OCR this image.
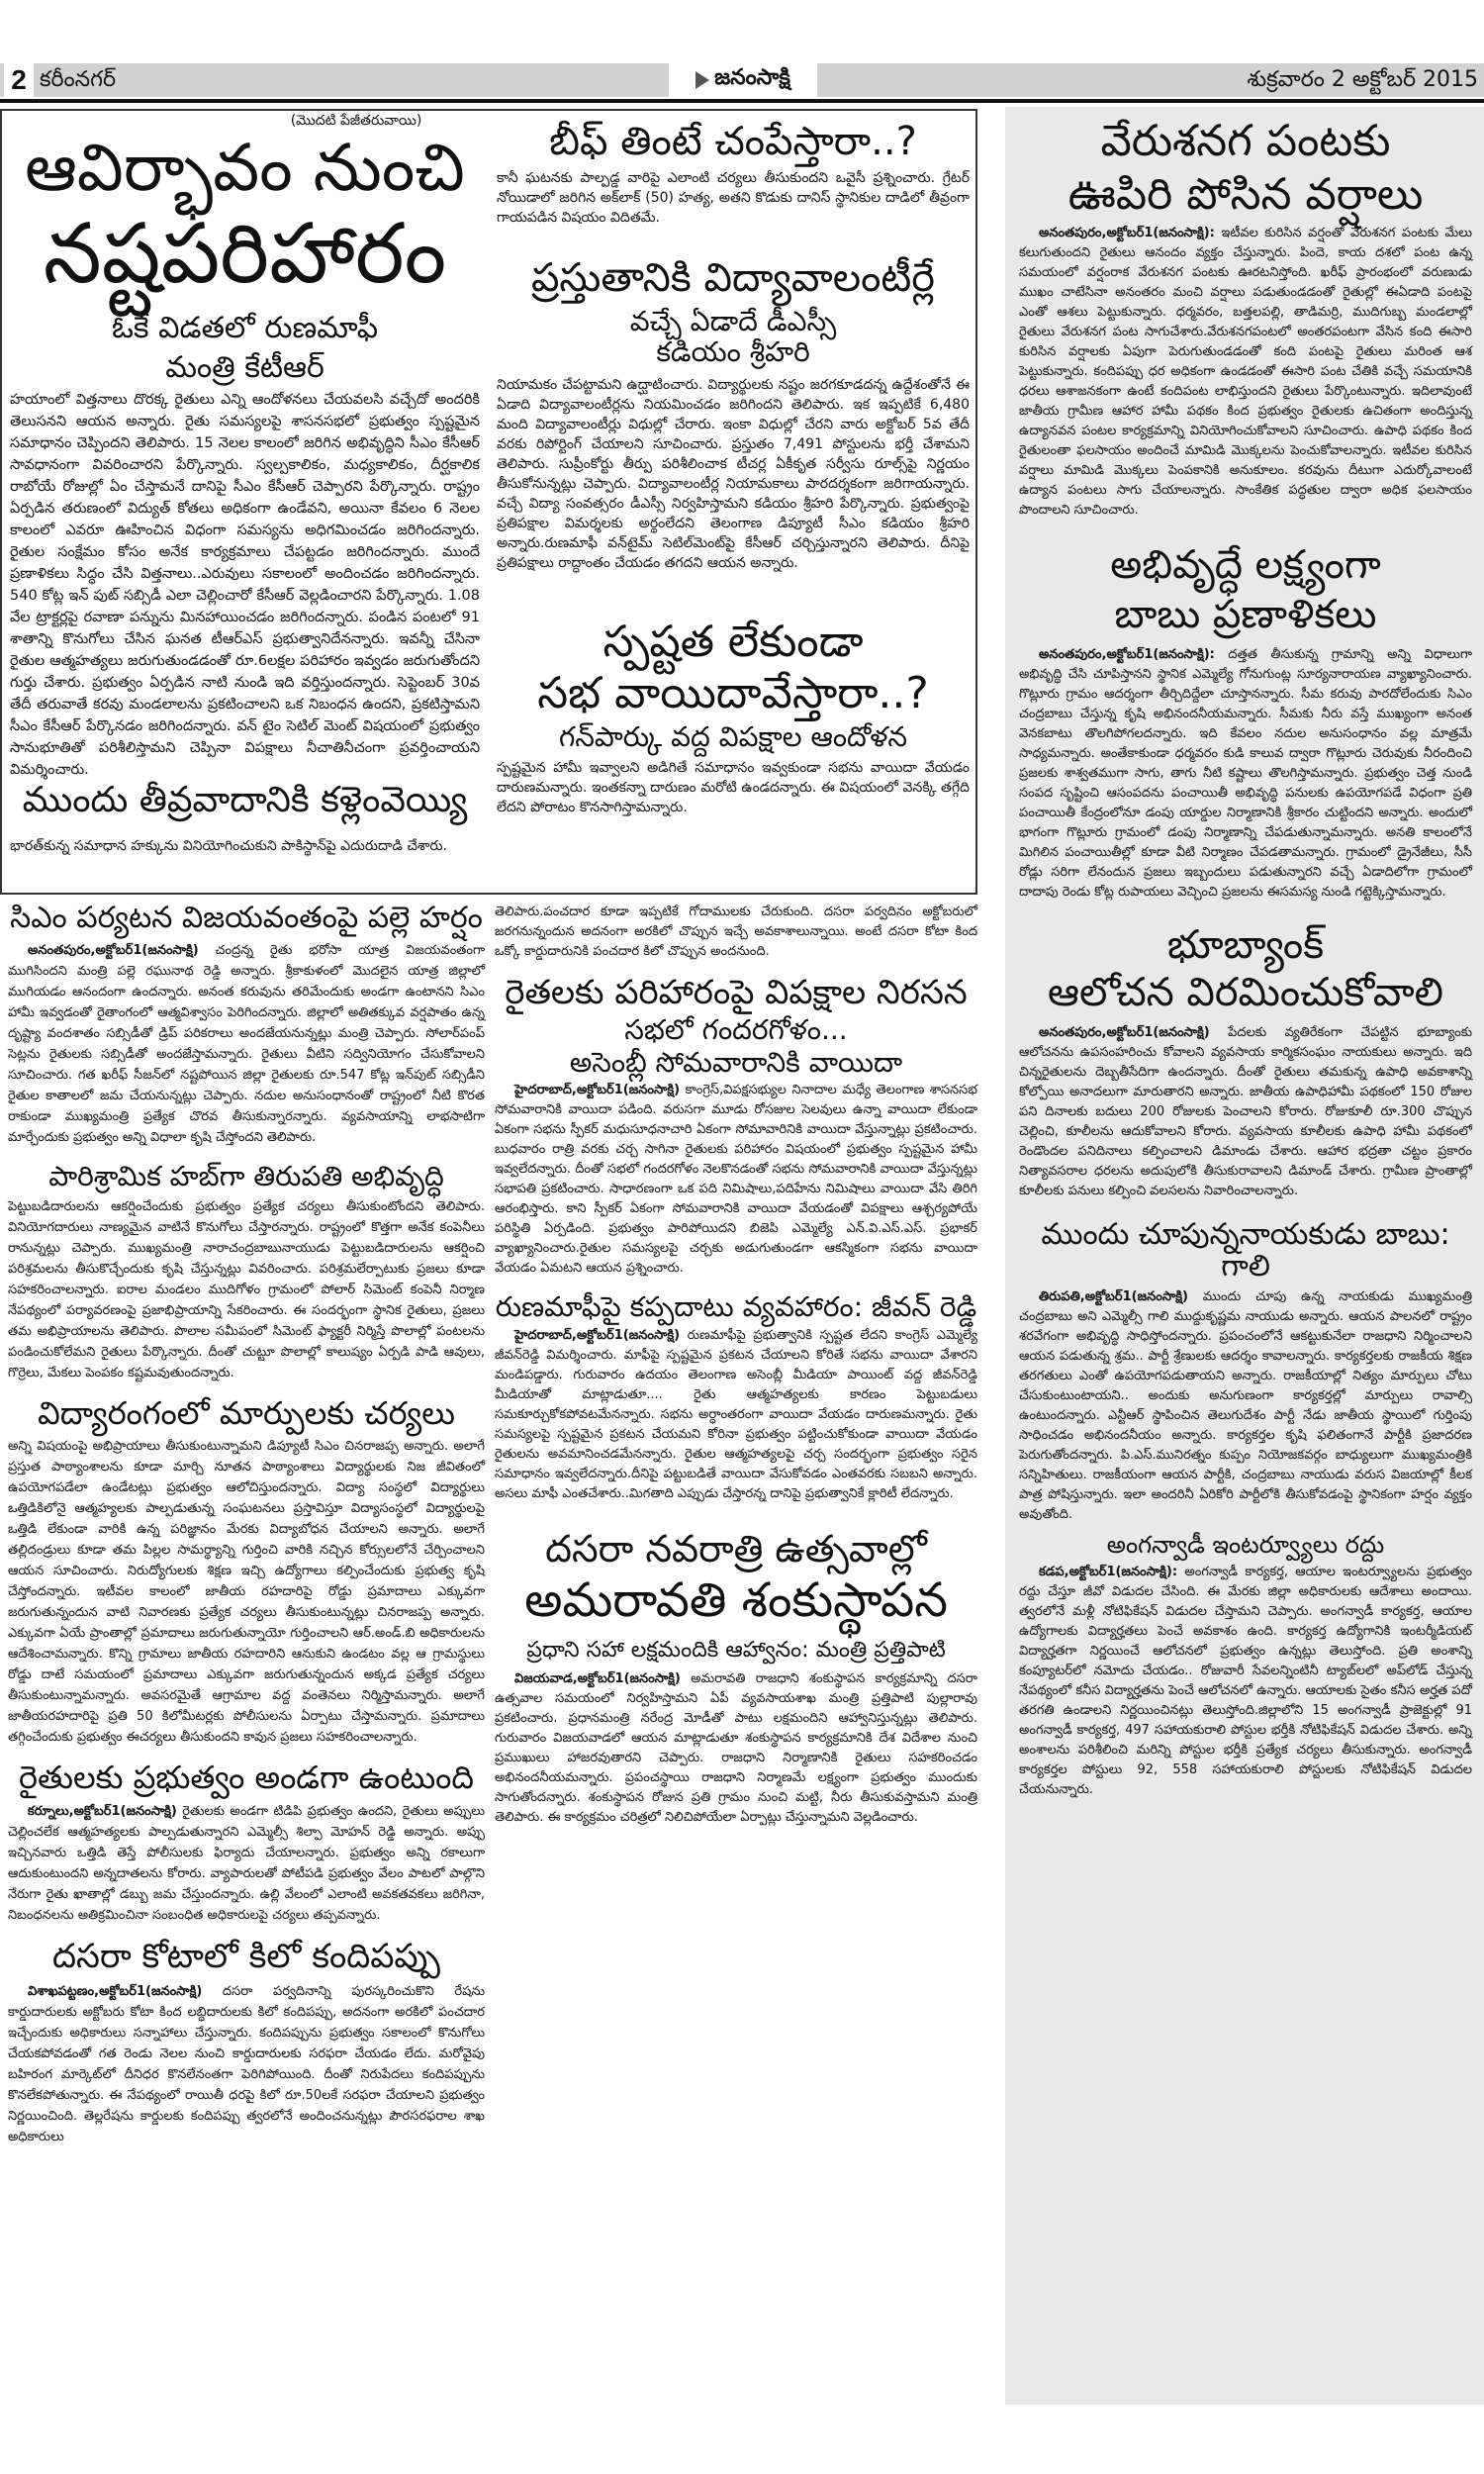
2 కరీంనగర్	జనంసాక్షి	శుక్రవారం 2 అక్టోబర్ 2015
(మొదటి పేజీతరువాయి)
ఆవిర్భావం నుంచి
నష్టపరిహారం
ఓకే విడతలో రుణమాఫీ
మంత్రి కేటీఆర్

హయాంలో విత్తనాలు దొరక్క రైతులు ఎన్ని ఆందోళనలు చేయవలసి వచ్చేదో అందరికి తెలుసనని ఆయన అన్నారు. రైతు సమస్యలపై శాసనసభలో ప్రభుత్వం స్పష్టమైన సమాధానం చెప్పిందని తెలిపారు. 15 నెలల కాలంలో జరిగిన అభివృద్ధిని సీఎం కేసీఆర్ సావధానంగా వివరించారని పేర్కొన్నారు. స్వల్పకాలికం, మధ్యకాలికం, దీర్ఘకాలిక రాబోయే రోజుల్లో ఏం చేస్తామనే దానిపై సీఎం కేసీఆర్ చెప్పారని పేర్కొన్నారు. రాష్ట్రం ఏర్పడిన తరుణంలో విద్యుత్ కోతలు అధికంగా ఉండేవని, అయినా కేవలం 6 నెలల కాలంలో ఎవరూ ఊహించిన విధంగా సమస్యను అధిగమించడం జరిగిందన్నారు. రైతుల సంక్షేమం కోసం అనేక కార్యక్రమాలు చేపట్టడం జరిగిందన్నారు. ముందే ప్రణాళికలు సిద్ధం చేసి విత్తనాలు..ఎరువులు సకాలంలో అందించడం జరిగిందన్నారు. 540 కోట్ల ఇన్ పుట్ సబ్సిడీ ఎలా చెల్లించారో కేసీఆర్ వెల్లడించారని పేర్కొన్నారు. 1.08 వేల ట్రాక్టర్లపై రవాణా పన్నును మినహాయించడం జరిగిందన్నారు. పండిన పంటలో 91 శాతాన్ని కొనుగోలు చేసిన ఘనత టీఆర్ఎస్ ప్రభుత్వానిదేనన్నారు. ఇవన్నీ చేసినా రైతుల ఆత్మహత్యలు జరుగుతుండడంతో రూ.6లక్షల పరిహారం ఇవ్వడం జరుగుతోందని గుర్తు చేశారు. ప్రభుత్వం ఏర్పడిన నాటి నుండి ఇది వర్తిస్తుందన్నారు. సెప్టెంబర్ 30వ తేదీ తరువాతే కరవు మండలాలను ప్రకటించాలని ఒక నిబంధన ఉందని, ప్రకటిస్తామని సీఎం కేసీఆర్ పేర్కొనడం జరిగిందన్నారు. వన్ టైం సెటిల్ మెంట్ విషయంలో ప్రభుత్వం సానుభూతితో పరిశీలిస్తామని చెప్పినా విపక్షాలు నీచాతినీచంగా ప్రవర్తించాయని విమర్శించారు.

ముందు తీవ్రవాదానికి కళ్లెంవెయ్యి

భారత్‌కున్న సమాధాన హక్కును వినియోగించుకుని పాకిస్థాన్‌పై ఎదురుదాడి చేశారు.

బీఫ్ తింటే చంపేస్తారా..?

కానీ ఘటనకు పాల్పడ్డ వారిపై ఎలాంటి చర్యలు తీసుకుందని ఒవైసీ ప్రశ్నించారు. గ్రేటర్ నోయిడాలో జరిగిన అక్‌లాక్ (50) హత్య, అతని కొడుకు దానిస్ స్థానికుల దాడిలో తీవ్రంగా గాయపడిన విషయం విదితమే.

ప్రస్తుతానికి విద్యావాలంటీర్లే
వచ్చే ఏడాదే డీఎస్సీ
కడియం శ్రీహరి

నియామకం చేపట్టామని ఉద్ఘాటించారు. విద్యార్థులకు నష్టం జరగకూడదన్న ఉద్దేశంతోనే ఈ ఏడాది విద్యావాలంటీర్లను నియమించడం జరిగిందని తెలిపారు. ఇక ఇప్పటికే 6,480 మంది విద్యావాలంటీర్లు విధుల్లో చేరారు. ఇంకా విధుల్లో చేరని వారు అక్టోబర్ 5వ తేదీ వరకు రిపోర్టింగ్ చేయాలని సూచించారు. ప్రస్తుతం 7,491 పోస్టులను భర్తీ చేశామని తెలిపారు. సుప్రీంకోర్టు తీర్పు పరిశీలించాక టీచర్ల ఏకీకృత సర్వీసు రూల్స్‌పై నిర్ణయం తీసుకోనున్నట్లు చెప్పారు. విద్యావాలంటీర్ల నియామకాలు పారదర్శకంగా జరిగాయన్నారు. వచ్చే విద్యా సంవత్సరం డీఎస్సీ నిర్వహిస్తామని కడియం శ్రీహరి పేర్కొన్నారు. ప్రభుత్వంపై ప్రతిపక్షాల విమర్శలకు అర్థంలేదని తెలంగాణ డిప్యూటీ సీఎం కడియం శ్రీహరి అన్నారు.రుణమాఫీ వన్‌టైమ్ సెటిల్‌మెంట్‌పై కేసీఆర్ చర్చిస్తున్నారని తెలిపారు. దీనిపై ప్రతిపక్షాలు రాద్ధాంతం చేయడం తగదని ఆయన అన్నారు.

స్పష్టత లేకుండా
సభ వాయిదావేస్తారా..?
గన్‌పార్కు వద్ద విపక్షాల ఆందోళన

స్పష్టమైన హామీ ఇవ్వాలని అడిగితే సమాధానం ఇవ్వకుండా సభను వాయిదా వేయడం దారుణమన్నారు. ఇంతకన్నా దారుణం మరోటి ఉండదన్నారు. ఈ విషయంలో వెనక్కి తగ్గేది లేదని పోరాటం కొనసాగిస్తామన్నారు.

సిఎం పర్యటన విజయవంతంపై పల్లె హర్షం

అనంతపురం,అక్టోబర్1(జనంసాక్షి) చంద్రన్న రైతు భరోసా యాత్ర విజయవంతంగా ముగిసిందని మంత్రి పల్లె రఘునాథ రెడ్డి అన్నారు. శ్రీకాకుళంలో మొదలైన యాత్ర జిల్లాలో ముగియడం ఆనందంగా ఉందన్నారు. అనంత కరువును తరిమేందుకు అండగా ఉంటానని సిఎం హామీ ఇవ్వడంతో రైతాంగంలో ఆత్మవిశ్వాసం పెరిగిందన్నారు. జిల్లాలో అతితక్కువ వర్షపాతం ఉన్న దృష్ట్యా వందశాతం సబ్సిడీతో డ్రిప్ పరికరాలు అందజేయనున్నట్లు మంత్రి చెప్పారు. సోలార్‌పంప్ సెట్లను రైతులకు సబ్సిడీతో అందజేస్తామన్నారు. రైతులు వీటిని సద్వినియోగం చేసుకోవాలని సూచించారు. గత ఖరీఫ్ సీజన్‌లో నష్టపోయిన జిల్లా రైతులకు రూ.547 కోట్ల ఇన్‌పుట్ సబ్సిడీని రైతుల కాతాలలో జమ చేయనున్నట్లు చెప్పారు. నదుల అనుసంధానంతో రాష్ట్రంలో నీటి కొరత రాకుండా ముఖ్యమంత్రి ప్రత్యేక చొరవ తీసుకున్నారన్నారు. వ్యవసాయాన్ని లాభసాటిగా మార్చేందుకు ప్రభుత్వం అన్ని విధాలా కృషి చేస్తోందని తెలిపారు.

పారిశ్రామిక హబ్‌గా తిరుపతి అభివృద్ధి

పెట్టుబడిదారులను ఆకర్షించేందుకు ప్రభుత్వం ప్రత్యేక చర్యలు తీసుకుంటోందని తెలిపారు. వినియోగదారులు నాణ్యమైన వాటినే కొనుగోలు చేస్తారన్నారు. రాష్ట్రంలో కొత్తగా అనేక కంపెనీలు రానున్నట్లు చెప్పారు. ముఖ్యమంత్రి నారాచంద్రబాబునాయుడు పెట్టుబడిదారులను ఆకర్షించి పరిశ్రమలను తీసుకొచ్చేందుకు కృషి చేస్తున్నట్లు వివరించారు. పరిశ్రమలేర్పాటుకు ప్రజలు కూడా సహకరించాలన్నారు. ఐరాల మండలం ముదిగోళం గ్రామంలో పోలార్ సిమెంట్ కంపెనీ నిర్మాణ నేపథ్యంలో పర్యావరణంపై ప్రజాభిప్రాయాన్ని సేకరించారు. ఈ సందర్భంగా స్థానిక రైతులు, ప్రజలు తమ అభిప్రాయాలను తెలిపారు. పొలాల సమీపంలో సిమెంట్ ఫ్యాక్టరీ నిర్మిస్తే పొలాల్లో పంటలను పండించుకోలేమని రైతులు పేర్కొన్నారు. దీంతో చుట్టూ పొలాల్లో కాలుష్యం ఏర్పడి పాడి ఆవులు, గొర్రెలు, మేకలు పెంపకం కష్టమవుతుందన్నారు.

విద్యారంగంలో మార్పులకు చర్యలు

అన్ని విషయంపై అభిప్రాయాలు తీసుకుంటున్నామని డిప్యూటీ సిఎం చినరాజప్ప అన్నారు. అలాగే ప్రస్తుత పాఠ్యాంశాలను కూడా మార్చి నూతన పాఠ్యాంశాలు విద్యార్థులకు నిజ జీవితంలో ఉపయోగపడేలా ఉండేటట్లు ప్రభుత్వం ఆలోచిస్తుందన్నారు. విద్యా సంస్థలో విద్యార్థులు ఒత్తిడికిలోనై ఆత్మహ్యలకు పాల్పడుతున్న సంఘటనలు ప్రస్తావిస్తూ విద్యాసంస్థలో విద్యార్థులపై ఒత్తిడి లేకుండా వారికి ఉన్న పరిజ్ఞానం మేరకు విద్యాబోధన చేయాలని అన్నారు. అలాగే తల్లిదండ్రులు కూడా తమ పిల్లల సామర్థ్యాన్ని గుర్తించి వారికి నచ్చిన కోర్సులలోనే చేర్పించాలని ఆయన సూచించారు. నిరుద్యోగులకు శిక్షణ ఇచ్చి ఉద్యోగాలు కల్పించేందుకు ప్రభుత్వ కృషి చేస్తోందన్నారు. ఇటీవల కాలంలో జాతీయ రహదారిపై రోడ్డు ప్రమాదాలు ఎక్కువగా జరుగుతున్నందున వాటి నివారణకు ప్రత్యేక చర్యలు తీసుకుంటున్నట్లు చినరాజప్ప అన్నారు. ఎక్కువగా ఏయే ప్రాంతాల్లో ప్రమాదాలు జరుగుతున్నాయో గుర్తించాలని ఆర్.అండ్.బి అధికారులను ఆదేశించామన్నారు. కొన్ని గ్రామాలు జాతీయ రహదారిని ఆనుకుని ఉండటం వల్ల ఆ గ్రామస్థులు రోడ్డు దాటే సమయంలో ప్రమాదాలు ఎక్కువగా జరుగుతున్నందున అక్కడ ప్రత్యేక చర్యలు తీసుకుంటున్నామన్నారు. అవసరమైతే ఆగ్రామాల వద్ద వంతెనలు నిర్మిస్తామన్నారు. అలాగే జాతీయరహదారిపై ప్రతి 50 కిలోమీటర్లకు పోలీసులను ఏర్పాటు చేస్తామన్నారు. ప్రమాదాలు తగ్గించేందుకు ప్రభుత్వం ఈచర్యలు తీసుకుందని కావున ప్రజలు సహకరించాలన్నారు.

రైతులకు ప్రభుత్వం అండగా ఉంటుంది

కర్నూలు,అక్టోబర్1(జనంసాక్షి) రైతులకు అండగా టిడిపి ప్రభుత్వం ఉందని, రైతులు అప్పులు చెల్లించలేక ఆత్మహత్యలకు పాల్పడుతున్నారని ఎమ్మెల్సీ శిల్పా మోహన్ రెడ్డి అన్నారు. అప్పు ఇచ్చినవారు ఒత్తిడి తెస్తే పోలీసులకు ఫిర్యాదు చేయాలన్నారు. ప్రభుత్వం అన్ని రకాలుగా ఆదుకుంటుందని అన్నదాతలను కోరారు. వ్యాపారులతో పోటీపడి ప్రభుత్వం వేలం పాటలో పాల్గొని నేరుగా రైతు ఖాతాల్లో డబ్బు జమ చేస్తుందన్నారు. ఉల్లి వేలంలో ఎలాంటి అవకతవకలు జరిగినా, నిబంధనలను అతిక్రమించినా సంబంధిత అధికారులపై చర్యలు తప్పవన్నారు.

దసరా కోటాలో కిలో కందిపప్పు

విశాఖపట్టణం,అక్టోబర్1(జనంసాక్షి) దసరా పర్వదినాన్ని పురస్కరించుకొని రేషను కార్డుదారులకు అక్టోబరు కోటా కింద లబ్ధిదారులకు కిలో కందిపప్పు, అదనంగా అరకిలో పంచదార ఇచ్చేందుకు అధికారులు సన్నాహాలు చేస్తున్నారు. కందిపప్పును ప్రభుత్వం సకాలంలో కొనుగోలు చేయకపోవడంతో గత రెండు నెలల నుంచి కార్డుదారులకు సరఫరా చేయడం లేదు. మరోవైపు బహిరంగ మార్కెట్‌లో దీనిధర కొనలేనంతగా పెరిగిపోయింది. దీంతో నిరుపేదలు కందిపప్పును కొనలేకపోతున్నారు. ఈ నేపథ్యంలో రాయితీ ధరపై కిలో రూ.50లకే సరఫరా చేయాలని ప్రభుత్వం నిర్ణయించింది. తెల్లరేషను కార్డులకు కందిపప్పు త్వరలోనే అందించనున్నట్లు పౌరసరఫరాల శాఖ అధికారులు

తెలిపారు.పంచదార కూడా ఇప్పటికే గోదాములకు చేరుకుంది. దసరా పర్వదినం అక్టోబరులో జరగనున్నందున అదనంగా అరకిలో చొప్పున ఇచ్చే అవకాశాలున్నాయి. అంటే దసరా కోటా కింద ఒక్కో కార్డుదారునికి పంచదార కిలో చొప్పున అందనుంది.

రైతలకు పరిహారంపై విపక్షాల నిరసన
సభలో గందరగోళం...
అసెంబ్లీ సోమవారానికి వాయిదా

హైదరాబాద్,అక్టోబర్1(జనంసాక్షి) కాంగ్రెస్,విపక్షసభ్యుల నినాదాల మధ్యే తెలంగాణ శాసనసభ సోమవారానికి వాయిదా పడింది. వరుసగా మూడు రోసజుల సెలవులు ఉన్నా వాయిదా లేకుండా ఏకంగా సభను స్పీకర్ మధుసూధనాచారి ఏకంగా సోమావారినికి వాయిదా వేస్తున్నాట్లు ప్రకటించారు. బుధవారం రాత్రి వరకు చర్చ సాగినా రైతులకు పరిహారం విషయంలో ప్రభుత్వం స్పష్టమైన హామీ ఇవ్వలేదన్నారు. దీంతో సభలో గందరగోళం నెలకొనడంతో సభను సోమవారానికి వాయిదా వేస్తున్నట్లు సభాపతి ప్రకటించారు. సాధారణంగా ఒక పది నిమిషాలు,పదిహేను నిమిషాలు వాయిదా వేసి తిరిగి ఆరంభిస్తారు. కాని స్పీకర్ ఏకంగా సోమవారానికి వాయిదా వేయడంతో విపక్షాలు ఆశ్చర్యపోయే పరిస్థితి ఏర్పడింది. ప్రభుత్వం పారిపోయిదని బిజెపి ఎమ్మెల్యే ఎన్.వి.ఎస్.ఎస్. ప్రభాకర్ వ్యాఖ్యానించారు.రైతుల సమస్యలపై చర్చకు అడుగుతుండగా ఆకస్మికంగా సభను వాయిదా వేయడం ఏమటని ఆయన ప్రశ్నించారు.

రుణమాఫీపై కప్పదాటు వ్యవహారం: జీవన్ రెడ్డి

హైదరాబాద్,అక్టోబర్1(జనంసాక్షి) రుణమాఫీపై ప్రభుత్వానికి స్పష్టత లేదని కాంగ్రెస్ ఎమ్మెల్యే జీవన్‌రెడ్డి విమర్శించారు. మాఫీపై స్పష్టమైన ప్రకటన చేయాలని కోరితే సభను వాయిదా వేశారని మండిపడ్డారు. గురువారం ఉదయం తెలంగాణ అసెంబ్లీ మీడియా పాయింట్ వద్ద జీవన్‌రెడ్డి మీడియాతో మాట్లాడుతూ.... రైతు ఆత్మహత్యలకు కారణం పెట్టుబడులు సమకూర్చుకోకపోవటమేనన్నారు. సభను అర్ధాంతరంగా వాయిదా వేయడం దారుణమన్నారు. రైతు సమస్యలపై స్పష్టమైన ప్రకటన చేయమని కోరినా ప్రభుత్వం పట్టించుకోకుండా వాయిదా వేయడం రైతులను అవమానించడమేనన్నారు. రైతుల ఆత్మహత్యలపై చర్చ సందర్భంగా ప్రభుత్వం సరైన సమాధానం ఇవ్వలేదన్నారు.దీనిపై పట్టుబడితే వాయిదా వేసుకోవడం ఎంతవరకు సబబని అన్నారు. అసలు మాఫీ ఎంతచేశారు..మిగతాది ఎప్పుడు చేస్తారన్న దానిపై ప్రభుత్వానికే క్లారిటీ లేదన్నారు.

దసరా నవరాత్రి ఉత్సవాల్లో
అమరావతి శంకుస్థాపన
ప్రధాని సహా లక్షమందికి ఆహ్వానం: మంత్రి ప్రత్తిపాటి

విజయవాడ,అక్టోబర్1(జనంసాక్షి) అమరావతి రాజధాని శంకుస్థాపన కార్యక్రమాన్ని దసరా ఉత్సవాల సమయంలో నిర్వహిస్తామని ఏపీ వ్యవసాయశాఖ మంత్రి ప్రత్తిపాటి పుల్లారావు ప్రకటించారు. ప్రధానమంత్రి నరేంద్ర మోడీతో పాటు లక్షమందిని ఆహ్వానిస్తున్నట్లు తెలిపారు. గురువారం విజయవాడలో ఆయన మాట్లాడుతూ శంకుస్థాపన కార్యక్రమానికి దేశ విదేశాల నుంచి ప్రముఖులు హాజరవుతారని చెప్పారు. రాజధాని నిర్మాణానికి రైతులు సహకరించడం అభినందనీయమన్నారు. ప్రపంచస్థాయి రాజధాని నిర్మాణమే లక్ష్యంగా ప్రభుత్వం ముందుకు సాగుతోందన్నారు. శంకుస్థాపన రోజున ప్రతి గ్రామం నుంచి మట్టి, నీరు తీసుకువస్తామని మంత్రి తెలిపారు. ఈ కార్యక్రమం చరిత్రలో నిలిచిపోయేలా ఏర్పాట్లు చేస్తున్నామని వెల్లడించారు.

వేరుశనగ పంటకు
ఊపిరి పోసిన వర్షాలు

అనంతపురం,అక్టోబర్1(జనంసాక్షి): ఇటీవల కురిసిన వర్షంతో వేరుశనగ పంటకు మేలు కలుగుతుందని రైతులు ఆనందం వ్యక్తం చేస్తున్నారు. పిందె, కాయ దశలో పంట ఉన్న సమయంలో వర్షంరాక వేరుశనగ పంటకు ఊరటనిస్తోంది. ఖరీఫ్ ప్రారంభంలో వరుణుడు ముఖం చాటేసినా అనంతరం మంచి వర్షాలు పడుతుండడంతో రైతుల్లో ఈఏడాది పంటపై ఎంతో ఆశలు పెట్టుకున్నారు. ధర్మవరం, బత్తలపల్లి, తాడిమర్రి, ముదిగుబ్బ మండలాల్లో రైతులు వేరుశనగ పంట సాగుచేశారు.వేరుశనగపంటలో అంతరపంటగా వేసిన కంది ఈసారి కురిసిన వర్షాలకు ఏపుగా పెరుగుతుండడంతో కంది పంటపై రైతులు మరింత ఆశ పెట్టుకున్నారు. కందిపప్పు ధర అధికంగా ఉండడంతో ఈసారి పంట చేతికి వచ్చే సమయానికి ధరలు ఆశాజనకంగా ఉంటే కందిపంట లాభిస్తుందని రైతులు పేర్కొంటున్నారు. ఇదిలావుంటే జాతీయ గ్రామీణ ఆహార హామీ పథకం కింద ప్రభుత్వం రైతులకు ఉచితంగా అందిస్తున్న ఉద్యానవన పంటల కార్యక్రమాన్ని వినియోగించుకోవాలని సూచించారు. ఉపాధి పథకం కింద రైతులంతా ఫలసాయం అందించే మామిడి మొక్కలను పెంచుకోవాలన్నారు. ఇటీవల కురిసిన వర్షాలు మామిడి మొక్కలు పెంపకానికి అనుకూలం. కరవును దీటుగా ఎదుర్కోవాలంటే ఉద్యాన పంటలు సాగు చేయాలన్నారు. సాంకేతిక పద్ధతుల ద్వారా అధిక ఫలసాయం పొందాలని సూచించారు.

అభివృద్ధే లక్ష్యంగా
బాబు ప్రణాళికలు

అనంతపురం,అక్టోబర్1(జనంసాక్షి): దత్తత తీసుకున్న గ్రామాన్ని అన్ని విధాలుగా అభివృద్ధి చేసి చూపిస్తానని స్థానిక ఎమ్మెల్యే గోనుగుంట్ల సూర్యనారాయణ వ్యాఖ్యానించారు. గొట్లూరు గ్రామం ఆదర్శంగా తీర్చిదిద్దేలా చూస్తానన్నారు. సీమ కరువు పారదోలేందుకు సిఎం చంద్రబాబు చేస్తున్న కృషి అభినందనీయమన్నారు. సీమకు నీరు వస్తే ముఖ్యంగా అనంత వెనకబాటు తొలగిపోగలదన్నారు. ఇది కేవలం నదుల అనుసంధానం వల్ల మాత్రమే సాధ్యమన్నారు. అంతేకాకుండా ధర్మవరం కుడి కాలువ ద్వారా గొట్లూరు చెరువుకు నీరందించి ప్రజలకు శాశ్వతముగా సాగు, తాగు నీటి కష్టాలు తొలగిస్తామన్నారు. ప్రభుత్వం చెత్త నుండి సంపద సృష్టించి ఆసంపదను పంచాయితీ అభివృద్ధి పనులకు ఉపయోగపడే విధంగా ప్రతి పంచాయితీ కేంద్రంలోనూ డంపు యార్డుల నిర్మాణానికి శ్రీకారం చుట్టిందని అన్నారు. అందులో భాగంగా గొట్లూరు గ్రామంలో డంపు నిర్మాణాన్ని చేపడుతున్నామన్నారు. అనతి కాలంలోనే మిగిలిన పంచాయితీల్లో కూడా వీటి నిర్మాణం చేపడతామన్నారు. గ్రామంలో డ్రైనేజీలు, సీసీ రోడ్లు సరిగా లేనందున ప్రజలు ఇబ్బందులు పడుతున్నారని వచ్చే ఏడాదిలోగా గ్రామంలో దాదాపు రెండు కోట్ల రుపాయలు వెచ్చించి ప్రజలను ఈసమస్య నుండి గట్టెక్కిస్తామన్నారు.

భూబ్యాంక్
ఆలోచన విరమించుకోవాలి

అనంతపురం,అక్టోబర్1(జనంసాక్షి) పేదలకు వ్యతిరేకంగా చేపట్టిన భూబ్యాంకు ఆలోచనను ఉపసంహరించు కోవాలని వ్యవసాయ కార్మికసంఘం నాయకులు అన్నారు. ఇది చిన్నరైతులను దెబ్బతీసేదిగా ఉందన్నారు. దీంతో రైతులు తమకున్న ఉపాధి అవకాశాన్ని కోల్పోయి అనాదలుగా మారుతారని అన్నారు. జాతీయ ఉపాధిహామీ పథకంలో 150 రోజుల పని దినాలకు బదులు 200 రోజులకు పెంచాలని కోరారు. రోజుకూలీ రూ.300 చొప్పున చెల్లించి, కూలీలను ఆదుకోవాలని కోరారు. వ్యవసాయ కూలీలకు ఉపాధి హామీ పథకంలో రెండొందల పనిదినాలు కల్పించాలని డిమాండు చేశారు. ఆహార భద్రతా చట్టం ప్రకారం నిత్యావసరాల ధరలను అదుపులోకి తీసుకురావాలని డిమాండ్ చేశారు. గ్రామీణ ప్రాంతాల్లో కూలీలకు పనులు కల్పించి వలసలను నివారించాలన్నారు.

ముందు చూపున్ననాయకుడు బాబు: గాలి

తిరుపతి,అక్టోబర్1(జనంసాక్షి) ముందు చూపు ఉన్న నాయకుడు ముఖ్యమంత్రి చంద్రబాబు అని ఎమ్మెల్సీ గాలి ముద్దుకృష్ణమ నాయుడు అన్నారు. ఆయన పాలనలో రాష్ట్రం శరవేగంగా అభివృద్ధి సాధిస్తోందన్నారు. ప్రపంచంలోనే ఆకట్టుకునేలా రాజధాని నిర్మించాలని ఆయన పడుతున్న శ్రమ.. పార్టీ శ్రేణులకు ఆదర్శం కావాలన్నారు. కార్యకర్తలకు రాజకీయ శిక్షణ తరగతులు ఎంతో ఉపయోగపడుతాయని అన్నారు. రాజకీయాల్లో నిత్యం మార్పులు చోటు చేసుకుంటుంటాయని.. అందుకు అనుగుణంగా కార్యకర్తల్లో మార్పులు రావాల్సి ఉంటుందన్నారు. ఎన్టీఆర్ స్థాపించిన తెలుగుదేశం పార్టీ నేడు జాతీయ స్థాయిలో గుర్తింపు సాధించడం అభినందనీయం అన్నారు. కార్యకర్తల కృషి ఫలితంగానే పార్టీకి ప్రజాదరణ పెరుగుతోందన్నారు. పి.ఎస్.మునిరత్నం కుప్పం నియోజకవర్గం బాధ్యులుగా ముఖ్యమంత్రికి సన్నిహితులు. రాజకీయంగా ఆయన పార్టీకి, చంద్రబాబు నాయుడు వరుస విజయాల్లో కీలక పాత్ర పోషిస్తున్నారు. ఇలా అందరినీ ఏరికోరి పార్టీలోకి తీసుకోవడంపై స్థానికంగా హర్షం వ్యక్తం అవుతోంది.

అంగన్వాడీ ఇంటర్వ్యూలు రద్దు

కడప,అక్టోబర్1(జనంసాక్షి): అంగన్వాడీ కార్యకర్త, ఆయాల ఇంటర్వ్యూలను ప్రభుత్వం రద్దు చేస్తూ జీవో విడుదల చేసింది. ఈ మేరకు జిల్లా అధికారులకు ఆదేశాలు అందాయి. త్వరలోనే మళ్లీ నోటిఫికేషన్ విడుదల చేస్తామని చెప్పారు. అంగన్వాడీ కార్యకర్త, ఆయాల ఉద్యోగాలకు విద్యార్హతలు పెంచే అవకాశం ఉంది. కార్యకర్త ఉద్యోగానికి ఇంటర్మీడియట్ విద్యార్హతగా నిర్ణయించే ఆలోచనలో ప్రభుత్వం ఉన్నట్లు తెలుస్తోంది. ప్రతి అంశాన్ని కంప్యూటర్‌లో నమోదు చేయడం.. రోజువారీ సేవలన్నింటినీ ట్యాబ్‌లలో అప్‌లోడ్ చేస్తున్న నేపథ్యంలో కనీస విద్యార్హతను పెంచే ఆలోచనలో ఉన్నారు. ఆయాలకు సైతం కనీస అర్హత పదో తరగతి ఉండాలని నిర్ణయించినట్లు తెలుస్తోంది.జిల్లాలోని 15 అంగన్వాడీ ప్రాజెక్టుల్లో 91 అంగన్వాడీ కార్యకర్త, 497 సహాయకురాలి పోస్టుల భర్తీకి నోటిఫికేషన్ విడుదల చేశారు. అన్ని అంశాలను పరిశీలించి మరిన్ని పోస్టుల భర్తీకి ప్రత్యేక చర్యలు తీసుకున్నారు. అంగన్వాడీ కార్యకర్తల పోస్టులు 92, 558 సహాయకురాలి పోస్టులకు నోటిఫికేషన్ విడుదల చేయనున్నారు.
